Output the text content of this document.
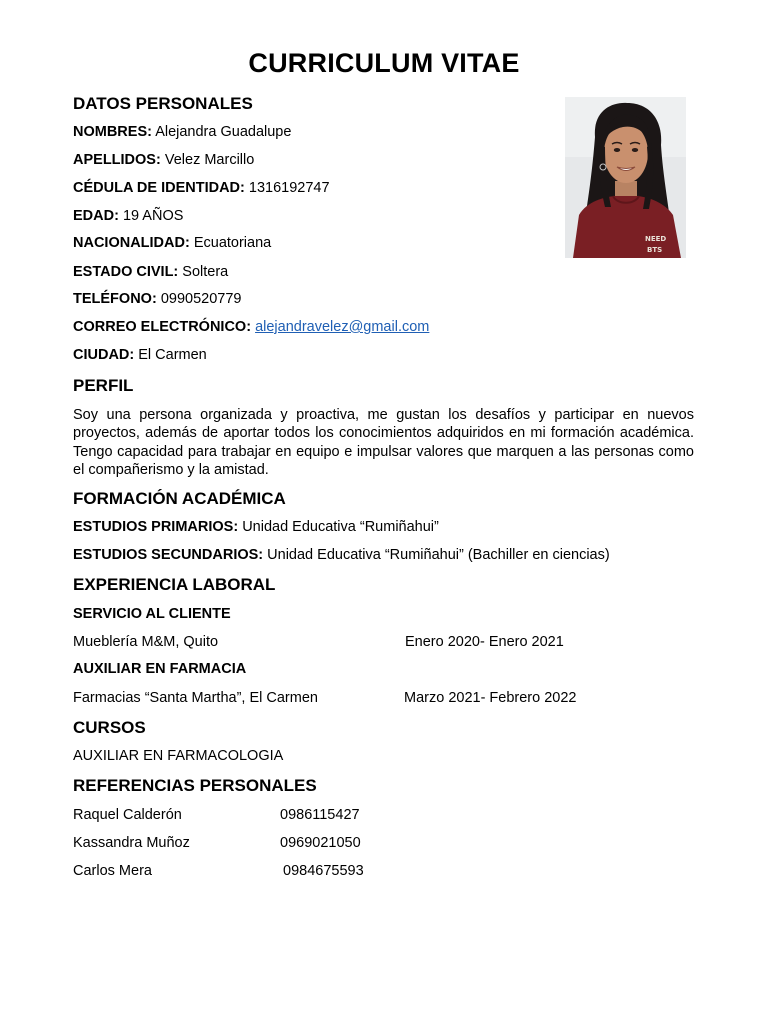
CURRICULUM VITAE
DATOS PERSONALES
NOMBRES: Alejandra Guadalupe
APELLIDOS: Velez Marcillo
CÉDULA DE IDENTIDAD: 1316192747
EDAD: 19 AÑOS
NACIONALIDAD: Ecuatoriana
ESTADO CIVIL: Soltera
TELÉFONO: 0990520779
CORREO ELECTRÓNICO: alejandravelez@gmail.com
CIUDAD: El Carmen
NEED
BTS
PERFIL
Soy una persona organizada y proactiva, me gustan los desafíos y participar en nuevos proyectos, además de aportar todos los conocimientos adquiridos en mi formación académica. Tengo capacidad para trabajar en equipo e impulsar valores que marquen a las personas como el compañerismo y la amistad.
FORMACIÓN ACADÉMICA
ESTUDIOS PRIMARIOS: Unidad Educativa “Rumiñahui”
ESTUDIOS SECUNDARIOS: Unidad Educativa “Rumiñahui” (Bachiller en ciencias)
EXPERIENCIA LABORAL
SERVICIO AL CLIENTE
Mueblería M&M, Quito	Enero 2020- Enero 2021
AUXILIAR EN FARMACIA
Farmacias “Santa Martha”, El Carmen	Marzo 2021- Febrero 2022
CURSOS
AUXILIAR EN FARMACOLOGIA
REFERENCIAS PERSONALES
Raquel Calderón	0986115427
Kassandra Muñoz	0969021050
Carlos Mera	0984675593
